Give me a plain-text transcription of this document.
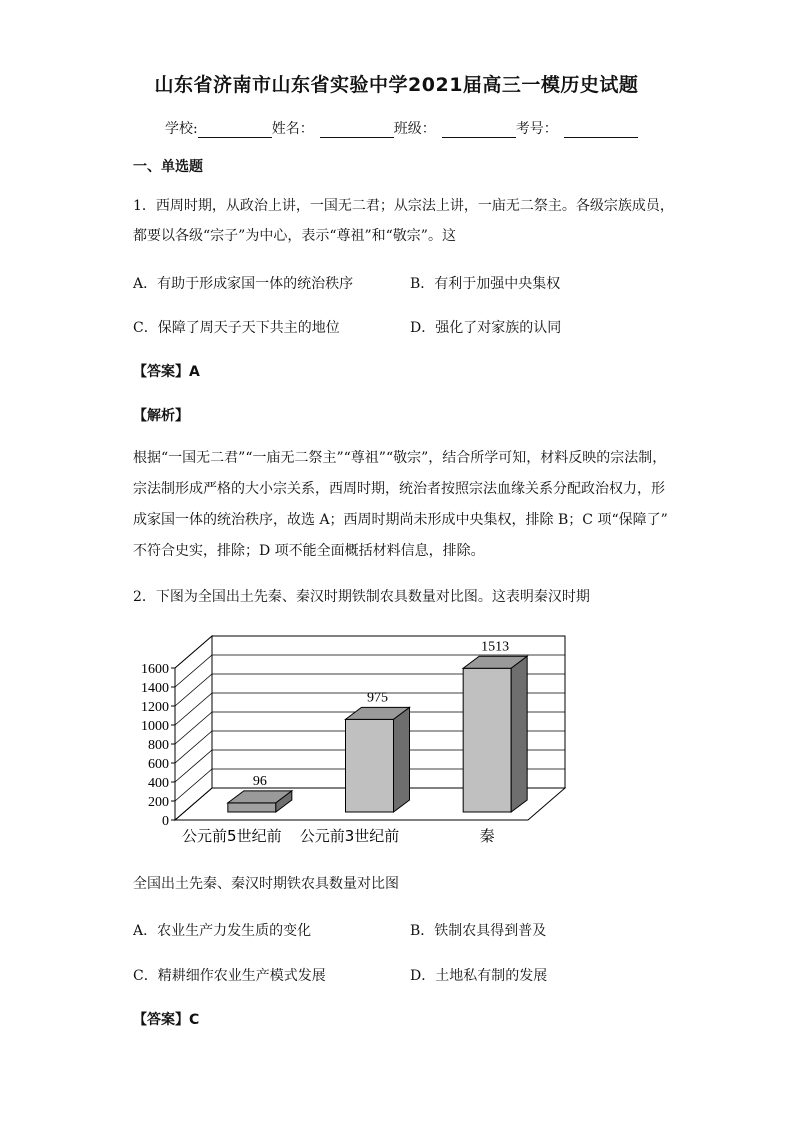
山东省济南市山东省实验中学2021届高三一模历史试题
学校:	姓名：	班级：	考号：
一、单选题
1．西周时期，从政治上讲，一国无二君；从宗法上讲，一庙无二祭主。各级宗族成员，
都要以各级“宗子”为中心，表示“尊祖”和“敬宗”。这
A．有助于形成家国一体的统治秩序	B．有利于加强中央集权
C．保障了周天子天下共主的地位	D．强化了对家族的认同
【答案】A
【解析】
根据“一国无二君”“一庙无二祭主”“尊祖”“敬宗”，结合所学可知，材料反映的宗法制，
宗法制形成严格的大小宗关系，西周时期，统治者按照宗法血缘关系分配政治权力，形
成家国一体的统治秩序，故选 A；西周时期尚未形成中央集权，排除 B；C 项“保障了”
不符合史实，排除；D 项不能全面概括材料信息，排除。
2．下图为全国出土先秦、秦汉时期铁制农具数量对比图。这表明秦汉时期
0
200
400
600
800
1000
1200
1400
1600
96
975
1513
公元前5世纪前 公元前3世纪前	秦
全国出土先秦、秦汉时期铁农具数量对比图
A．农业生产力发生质的变化	B．铁制农具得到普及
C．精耕细作农业生产模式发展	D．土地私有制的发展
【答案】C
